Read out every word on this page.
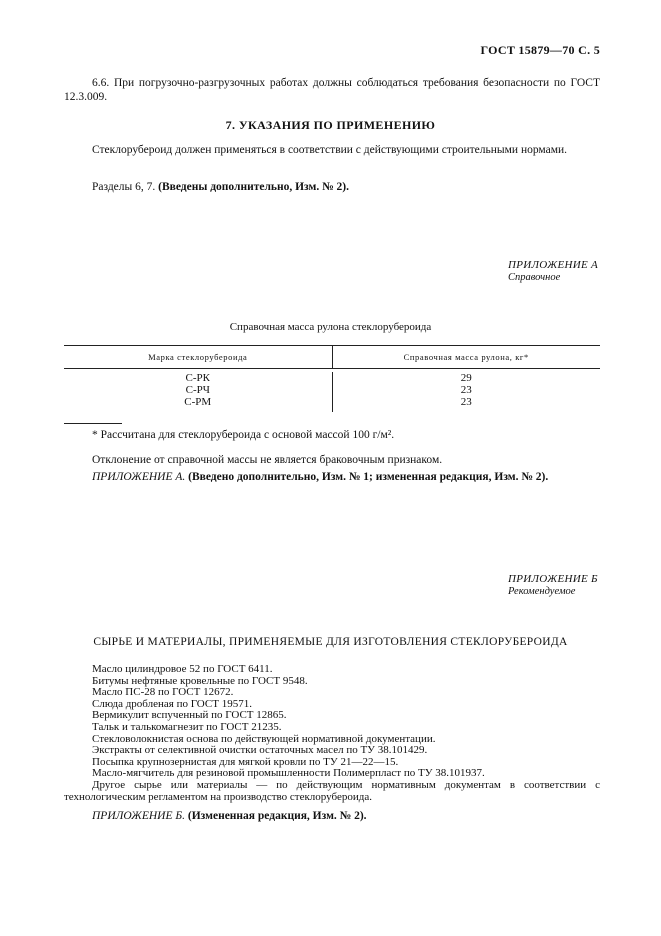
ГОСТ 15879—70 С. 5
6.6. При погрузочно-разгрузочных работах должны соблюдаться требования безопасности по ГОСТ 12.3.009.
7. УКАЗАНИЯ ПО ПРИМЕНЕНИЮ
Стеклорубероид должен применяться в соответствии с действующими строительными нормами.
Разделы 6, 7. (Введены дополнительно, Изм. № 2).
ПРИЛОЖЕНИЕ А
Справочное
Справочная масса рулона стеклорубероида
Марка стеклорубероида	Справочная масса рулона, кг*
С-РК
С-РЧ
С-РМ
29
23
23
* Рассчитана для стеклорубероида с основой массой 100 г/м².
Отклонение от справочной массы не является браковочным признаком.
ПРИЛОЖЕНИЕ А. (Введено дополнительно, Изм. № 1; измененная редакция, Изм. № 2).
ПРИЛОЖЕНИЕ Б
Рекомендуемое
СЫРЬЕ И МАТЕРИАЛЫ, ПРИМЕНЯЕМЫЕ ДЛЯ ИЗГОТОВЛЕНИЯ СТЕКЛОРУБЕРОИДА
Масло цилиндровое 52 по ГОСТ 6411.
Битумы нефтяные кровельные по ГОСТ 9548.
Масло ПС-28 по ГОСТ 12672.
Слюда дробленая по ГОСТ 19571.
Вермикулит вспученный по ГОСТ 12865.
Тальк и талькомагнезит по ГОСТ 21235.
Стекловолокнистая основа по действующей нормативной документации.
Экстракты от селективной очистки остаточных масел по ТУ 38.101429.
Посыпка крупнозернистая для мягкой кровли по ТУ 21—22—15.
Масло-мягчитель для резиновой промышленности Полимерпласт по ТУ 38.101937.
Другое сырье или материалы — по действующим нормативным документам в соответствии с технологическим регламентом на производство стеклорубероида.
ПРИЛОЖЕНИЕ Б. (Измененная редакция, Изм. № 2).
